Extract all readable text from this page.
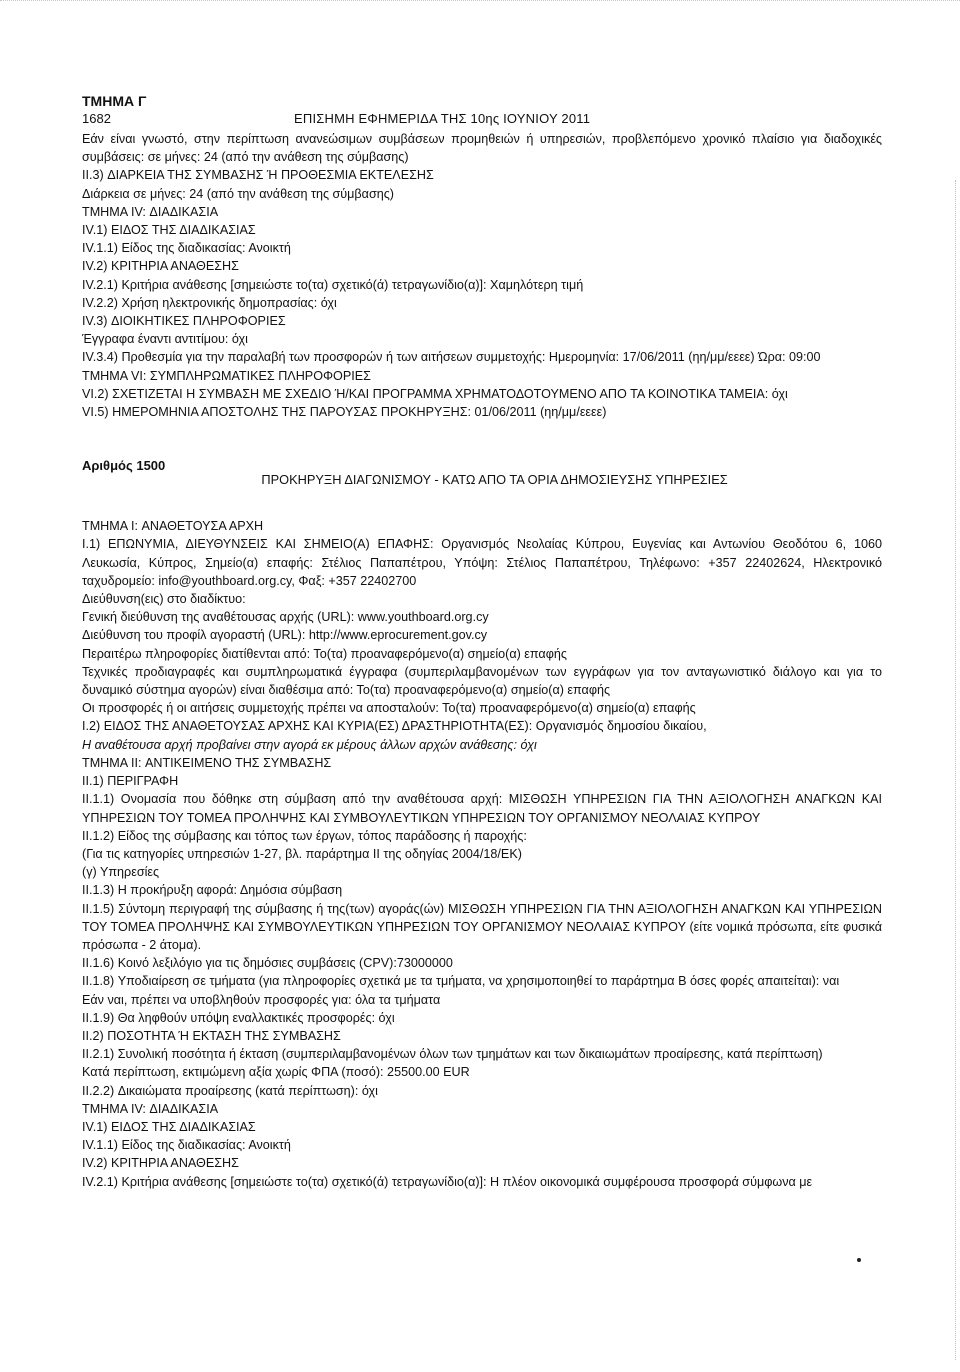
ΤΜΗΜΑ Γ
1682	ΕΠΙΣΗΜΗ ΕΦΗΜΕΡΙΔΑ ΤΗΣ 10ης ΙΟΥΝΙΟΥ 2011

Εάν είναι γνωστό, στην περίπτωση ανανεώσιμων συμβάσεων προμηθειών ή υπηρεσιών, προβλεπόμενο χρονικό πλαίσιο για διαδοχικές συμβάσεις: σε μήνες: 24 (από την ανάθεση της σύμβασης)

II.3) ΔΙΑΡΚΕΙΑ ΤΗΣ ΣΥΜΒΑΣΗΣ Ή ΠΡΟΘΕΣΜΙΑ ΕΚΤΕΛΕΣΗΣ

Διάρκεια σε μήνες: 24 (από την ανάθεση της σύμβασης)

ΤΜΗΜΑ IV: ΔΙΑΔΙΚΑΣΙΑ

IV.1) ΕΙΔΟΣ ΤΗΣ ΔΙΑΔΙΚΑΣΙΑΣ

IV.1.1) Είδος της διαδικασίας: Ανοικτή

IV.2) ΚΡΙΤΗΡΙΑ ΑΝΑΘΕΣΗΣ

IV.2.1) Κριτήρια ανάθεσης [σημειώστε το(τα) σχετικό(ά) τετραγωνίδιο(α)]: Χαμηλότερη τιμή

IV.2.2) Χρήση ηλεκτρονικής δημοπρασίας: όχι

IV.3) ΔΙΟΙΚΗΤΙΚΕΣ ΠΛΗΡΟΦΟΡΙΕΣ

Έγγραφα έναντι αντιτίμου: όχι

IV.3.4) Προθεσμία για την παραλαβή των προσφορών ή των αιτήσεων συμμετοχής: Ημερομηνία: 17/06/2011 (ηη/μμ/εεεε) Ώρα: 09:00

ΤΜΗΜΑ VI: ΣΥΜΠΛΗΡΩΜΑΤΙΚΕΣ ΠΛΗΡΟΦΟΡΙΕΣ

VI.2) ΣΧΕΤΙΖΕΤΑΙ Η ΣΥΜΒΑΣΗ ΜΕ ΣΧΕΔΙΟ Ή/ΚΑΙ ΠΡΟΓΡΑΜΜΑ ΧΡΗΜΑΤΟΔΟΤΟΥΜΕΝΟ ΑΠΟ ΤΑ ΚΟΙΝΟΤΙΚΑ ΤΑΜΕΙΑ: όχι

VI.5) ΗΜΕΡΟΜΗΝΙΑ ΑΠΟΣΤΟΛΗΣ ΤΗΣ ΠΑΡΟΥΣΑΣ ΠΡΟΚΗΡΥΞΗΣ: 01/06/2011 (ηη/μμ/εεεε)

Αριθμός 1500
ΠΡΟΚΗΡΥΞΗ ΔΙΑΓΩΝΙΣΜΟΥ - ΚΑΤΩ ΑΠΟ ΤΑ ΟΡΙΑ ΔΗΜΟΣΙΕΥΣΗΣ ΥΠΗΡΕΣΙΕΣ

ΤΜΗΜΑ I: ΑΝΑΘΕΤΟΥΣΑ ΑΡΧΗ

I.1) ΕΠΩΝΥΜΙΑ, ΔΙΕΥΘΥΝΣΕΙΣ ΚΑΙ ΣΗΜΕΙΟ(Α) ΕΠΑΦΗΣ: Οργανισμός Νεολαίας Κύπρου, Ευγενίας και Αντωνίου Θεοδότου 6, 1060 Λευκωσία, Κύπρος, Σημείο(α) επαφής: Στέλιος Παπαπέτρου, Υπόψη: Στέλιος Παπαπέτρου, Τηλέφωνο: +357 22402624, Ηλεκτρονικό ταχυδρομείο: info@youthboard.org.cy, Φαξ: +357 22402700

Διεύθυνση(εις) στο διαδίκτυο:

Γενική διεύθυνση της αναθέτουσας αρχής (URL): www.youthboard.org.cy

Διεύθυνση του προφίλ αγοραστή (URL): http://www.eprocurement.gov.cy

Περαιτέρω πληροφορίες διατίθενται από: Το(τα) προαναφερόμενο(α) σημείο(α) επαφής

Τεχνικές προδιαγραφές και συμπληρωματικά έγγραφα (συμπεριλαμβανομένων των εγγράφων για τον ανταγωνιστικό διάλογο και για το δυναμικό σύστημα αγορών) είναι διαθέσιμα από: Το(τα) προαναφερόμενο(α) σημείο(α) επαφής

Οι προσφορές ή οι αιτήσεις συμμετοχής πρέπει να αποσταλούν: Το(τα) προαναφερόμενο(α) σημείο(α) επαφής

I.2) ΕΙΔΟΣ ΤΗΣ ΑΝΑΘΕΤΟΥΣΑΣ ΑΡΧΗΣ ΚΑΙ ΚΥΡΙΑ(ΕΣ) ΔΡΑΣΤΗΡΙΟΤΗΤΑ(ΕΣ): Οργανισμός δημοσίου δικαίου,

Η αναθέτουσα αρχή προβαίνει στην αγορά εκ μέρους άλλων αρχών ανάθεσης: όχι

ΤΜΗΜΑ II: ΑΝΤΙΚΕΙΜΕΝΟ ΤΗΣ ΣΥΜΒΑΣΗΣ

II.1) ΠΕΡΙΓΡΑΦΗ

II.1.1) Ονομασία που δόθηκε στη σύμβαση από την αναθέτουσα αρχή: ΜΙΣΘΩΣΗ ΥΠΗΡΕΣΙΩΝ ΓΙΑ ΤΗΝ ΑΞΙΟΛΟΓΗΣΗ ΑΝΑΓΚΩΝ ΚΑΙ ΥΠΗΡΕΣΙΩΝ ΤΟΥ ΤΟΜΕΑ ΠΡΟΛΗΨΗΣ ΚΑΙ ΣΥΜΒΟΥΛΕΥΤΙΚΩΝ ΥΠΗΡΕΣΙΩΝ ΤΟΥ ΟΡΓΑΝΙΣΜΟΥ ΝΕΟΛΑΙΑΣ ΚΥΠΡΟΥ

II.1.2) Είδος της σύμβασης και τόπος των έργων, τόπος παράδοσης ή παροχής:

(Για τις κατηγορίες υπηρεσιών 1-27, βλ. παράρτημα II της οδηγίας 2004/18/ΕΚ)

(γ) Υπηρεσίες

II.1.3) Η προκήρυξη αφορά: Δημόσια σύμβαση

II.1.5) Σύντομη περιγραφή της σύμβασης ή της(των) αγοράς(ών) ΜΙΣΘΩΣΗ ΥΠΗΡΕΣΙΩΝ ΓΙΑ ΤΗΝ ΑΞΙΟΛΟΓΗΣΗ ΑΝΑΓΚΩΝ ΚΑΙ ΥΠΗΡΕΣΙΩΝ ΤΟΥ ΤΟΜΕΑ ΠΡΟΛΗΨΗΣ ΚΑΙ ΣΥΜΒΟΥΛΕΥΤΙΚΩΝ ΥΠΗΡΕΣΙΩΝ ΤΟΥ ΟΡΓΑΝΙΣΜΟΥ ΝΕΟΛΑΙΑΣ ΚΥΠΡΟΥ (είτε νομικά πρόσωπα, είτε φυσικά πρόσωπα - 2 άτομα).

II.1.6) Κοινό λεξιλόγιο για τις δημόσιες συμβάσεις (CPV):73000000

II.1.8) Υποδιαίρεση σε τμήματα (για πληροφορίες σχετικά με τα τμήματα, να χρησιμοποιηθεί το παράρτημα B όσες φορές απαιτείται): ναι

Εάν ναι, πρέπει να υποβληθούν προσφορές για: όλα τα τμήματα

II.1.9) Θα ληφθούν υπόψη εναλλακτικές προσφορές: όχι

II.2) ΠΟΣΟΤΗΤΑ Ή ΕΚΤΑΣΗ ΤΗΣ ΣΥΜΒΑΣΗΣ

II.2.1) Συνολική ποσότητα ή έκταση (συμπεριλαμβανομένων όλων των τμημάτων και των δικαιωμάτων προαίρεσης, κατά περίπτωση)

Κατά περίπτωση, εκτιμώμενη αξία χωρίς ΦΠΑ (ποσό): 25500.00 EUR

II.2.2) Δικαιώματα προαίρεσης (κατά περίπτωση): όχι

ΤΜΗΜΑ IV: ΔΙΑΔΙΚΑΣΙΑ

IV.1) ΕΙΔΟΣ ΤΗΣ ΔΙΑΔΙΚΑΣΙΑΣ

IV.1.1) Είδος της διαδικασίας: Ανοικτή

IV.2) ΚΡΙΤΗΡΙΑ ΑΝΑΘΕΣΗΣ

IV.2.1) Κριτήρια ανάθεσης [σημειώστε το(τα) σχετικό(ά) τετραγωνίδιο(α)]: Η πλέον οικονομικά συμφέρουσα προσφορά σύμφωνα με
